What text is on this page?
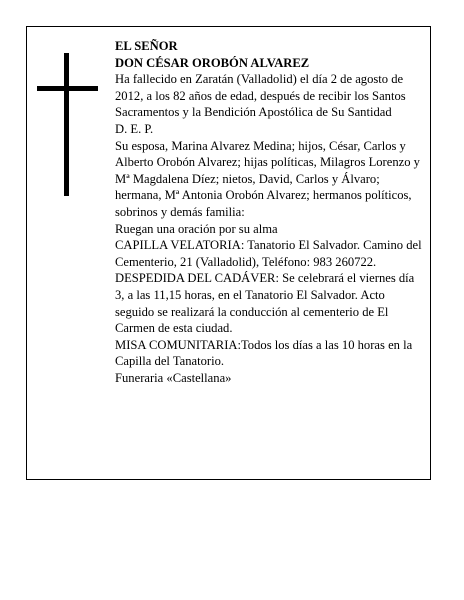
EL SEÑOR

DON CÉSAR OROBÓN ALVAREZ

Ha fallecido en Zaratán (Valladolid) el día 2 de agosto de 2012, a los 82 años de edad, después de recibir los Santos Sacramentos y la Bendición Apostólica de Su Santidad

D. E. P.

Su esposa, Marina Alvarez Medina; hijos, César, Carlos y Alberto Orobón Alvarez; hijas políticas, Milagros Lorenzo y Mª Magdalena Díez; nietos, David, Carlos y Álvaro; hermana, Mª Antonia Orobón Alvarez; hermanos políticos, sobrinos y demás familia:

Ruegan una oración por su alma

CAPILLA VELATORIA: Tanatorio El Salvador. Camino del Cementerio, 21 (Valladolid), Teléfono: 983 260722.

DESPEDIDA DEL CADÁVER: Se celebrará el viernes día 3, a las 11,15 horas, en el Tanatorio El Salvador. Acto seguido se realizará la conducción al cementerio de El Carmen de esta ciudad.

MISA COMUNITARIA:Todos los días a las 10 horas en la Capilla del Tanatorio.

Funeraria «Castellana»
